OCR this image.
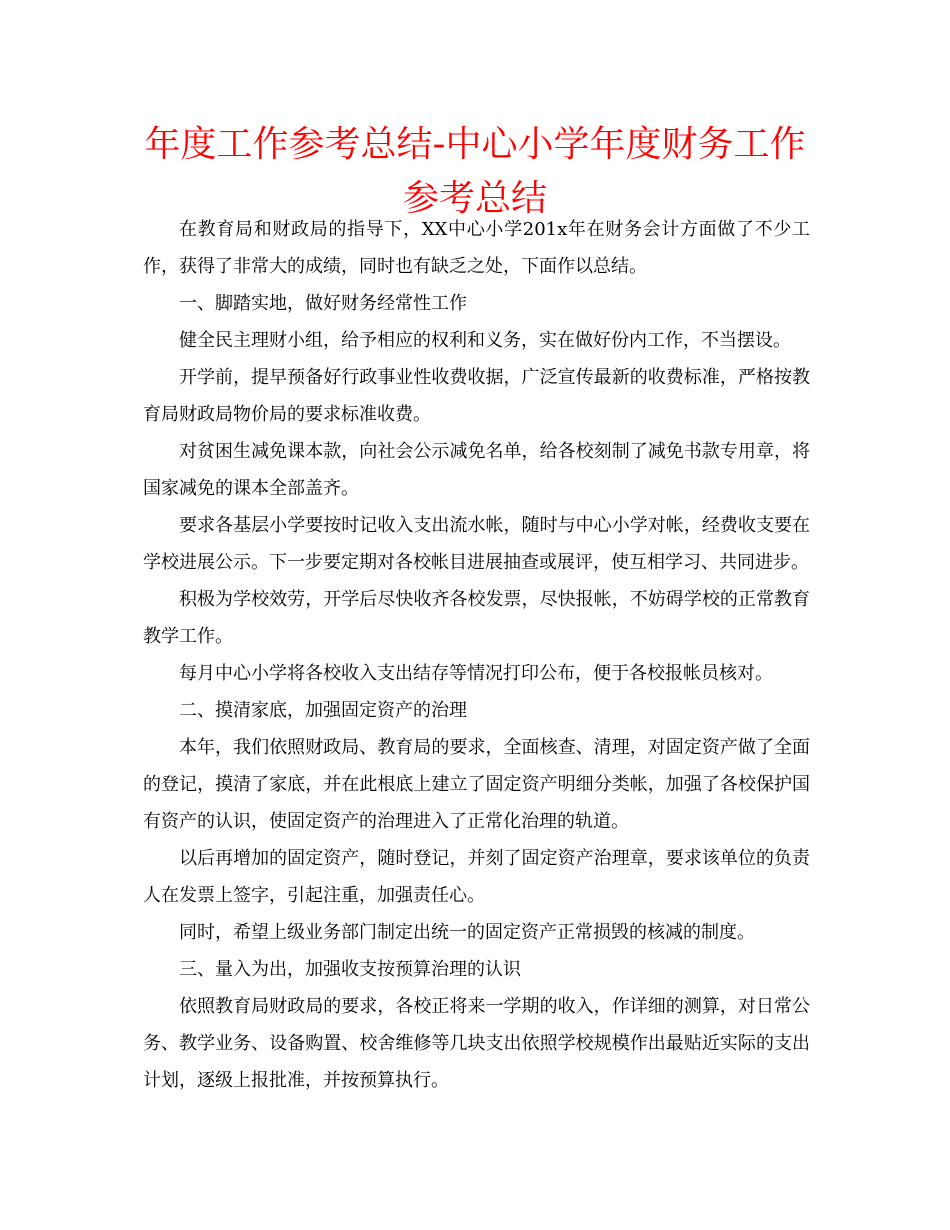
年度工作参考总结-中心小学年度财务工作参考总结

在教育局和财政局的指导下，XX中心小学201x年在财务会计方面做了不少工作，获得了非常大的成绩，同时也有缺乏之处，下面作以总结。

一、脚踏实地，做好财务经常性工作

健全民主理财小组，给予相应的权利和义务，实在做好份内工作，不当摆设。

开学前，提早预备好行政事业性收费收据，广泛宣传最新的收费标准，严格按教育局财政局物价局的要求标准收费。

对贫困生减免课本款，向社会公示减免名单，给各校刻制了减免书款专用章，将国家减免的课本全部盖齐。

要求各基层小学要按时记收入支出流水帐，随时与中心小学对帐，经费收支要在学校进展公示。下一步要定期对各校帐目进展抽查或展评，使互相学习、共同进步。

积极为学校效劳，开学后尽快收齐各校发票，尽快报帐，不妨碍学校的正常教育教学工作。

每月中心小学将各校收入支出结存等情况打印公布，便于各校报帐员核对。

二、摸清家底，加强固定资产的治理

本年，我们依照财政局、教育局的要求，全面核查、清理，对固定资产做了全面的登记，摸清了家底，并在此根底上建立了固定资产明细分类帐，加强了各校保护国有资产的认识，使固定资产的治理进入了正常化治理的轨道。

以后再增加的固定资产，随时登记，并刻了固定资产治理章，要求该单位的负责人在发票上签字，引起注重，加强责任心。

同时，希望上级业务部门制定出统一的固定资产正常损毁的核减的制度。

三、量入为出，加强收支按预算治理的认识

依照教育局财政局的要求，各校正将来一学期的收入，作详细的测算，对日常公务、教学业务、设备购置、校舍维修等几块支出依照学校规模作出最贴近实际的支出计划，逐级上报批准，并按预算执行。
